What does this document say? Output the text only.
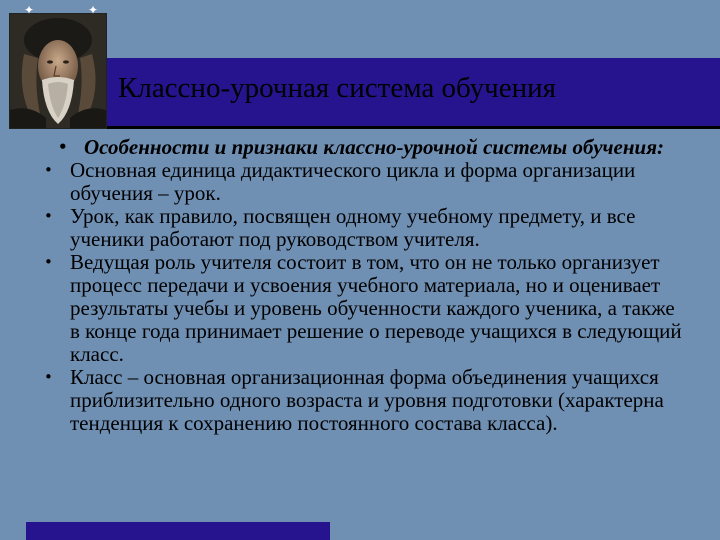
✦	✦
Классно-урочная система обучения
• Особенности и признаки классно-урочной системы обучения:
• Основная единица дидактического цикла и форма организации обучения – урок.
• Урок, как правило, посвящен одному учебному предмету, и все ученики работают под руководством учителя.
• Ведущая роль учителя состоит в том, что он не только организует процесс передачи и усвоения учебного материала, но и оценивает результаты учебы и уровень обученности каждого ученика, а также в конце года принимает решение о переводе учащихся в следующий класс.
• Класс – основная организационная форма объединения учащихся приблизительно одного возраста и уровня подготовки (характерна тенденция к сохранению постоянного состава класса).
